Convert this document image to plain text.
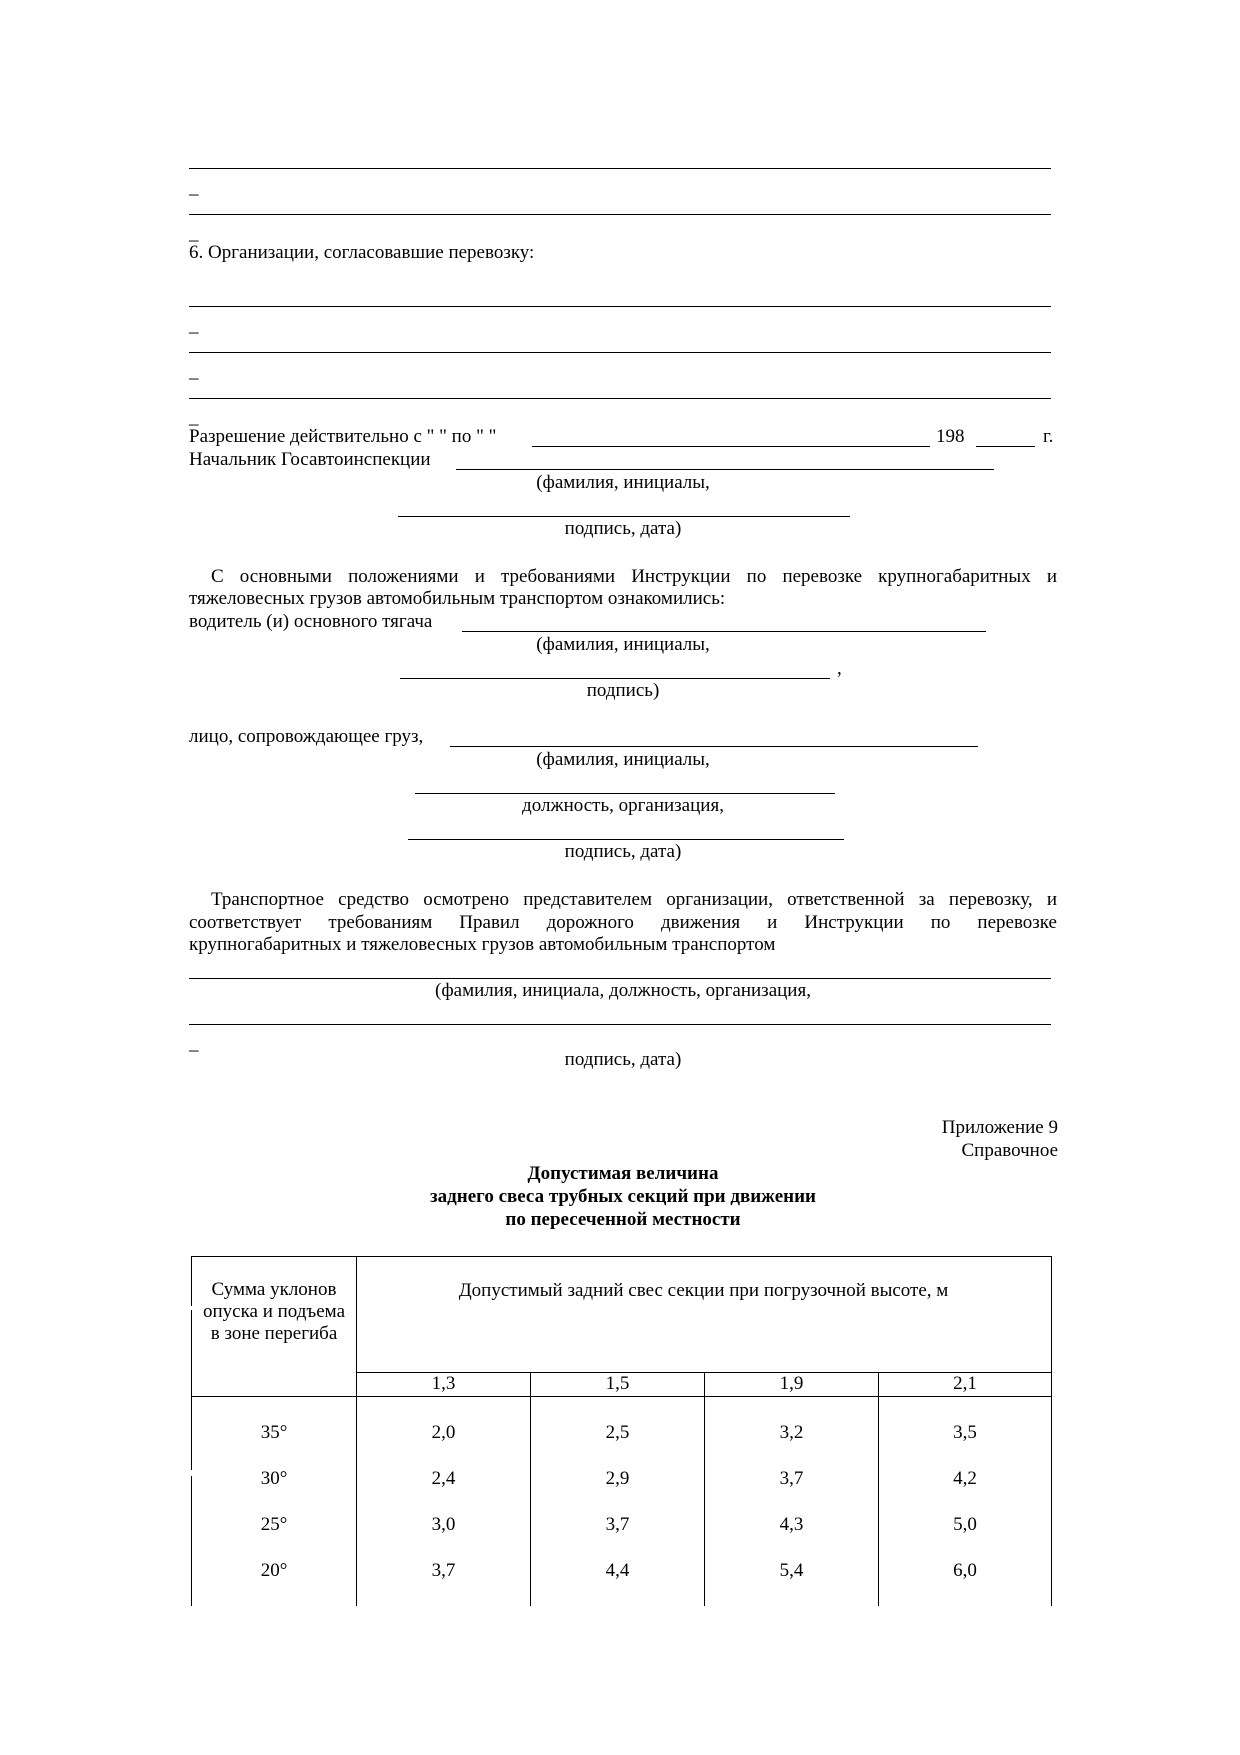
_
_
6. Организации, согласовавшие перевозку:
_
_
_
Разрешение действительно с " " по " "	198	г.
Начальник Госавтоинспекции
(фамилия, инициалы,
подпись, дата)
С основными положениями и требованиями Инструкции по перевозке крупногабаритных и
тяжеловесных грузов автомобильным транспортом ознакомились:
водитель (и) основного тягача
(фамилия, инициалы,
,
подпись)
лицо, сопровождающее груз,
(фамилия, инициалы,
должность, организация,
подпись, дата)
Транспортное средство осмотрено представителем организации, ответственной за перевозку, и
соответствует требованиям Правил дорожного движения и Инструкции по перевозке
крупногабаритных и тяжеловесных грузов автомобильным транспортом
(фамилия, инициала, должность, организация,
_
подпись, дата)
Приложение 9
Справочное
Допустимая величина
заднего свеса трубных секций при движении
по пересеченной местности
Сумма уклонов опуска и подъема в зоне перегиба
Допустимый задний свес секции при погрузочной высоте, м
1,3	1,5	1,9	2,1
35°	2,0	2,5	3,2	3,5
30°	2,4	2,9	3,7	4,2
25°	3,0	3,7	4,3	5,0
20°	3,7	4,4	5,4	6,0
